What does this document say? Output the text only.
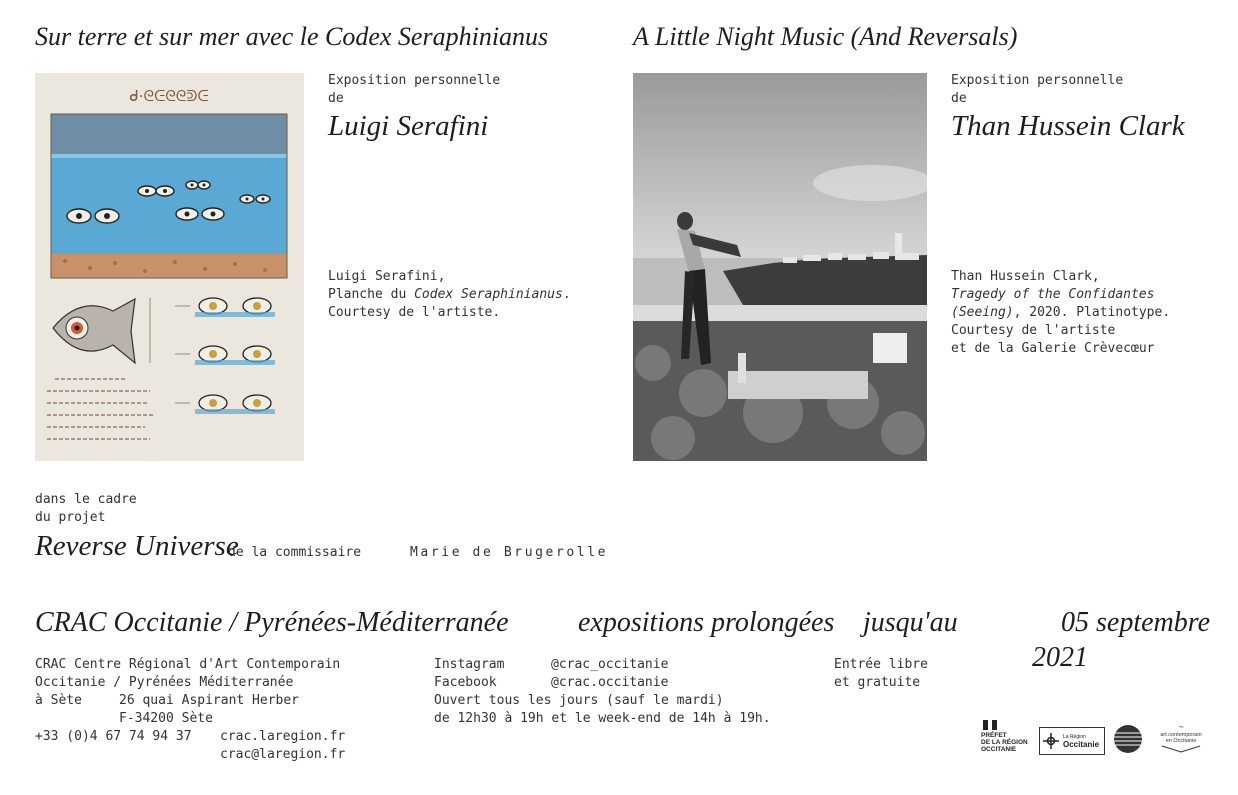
Sur terre et sur mer avec le Codex Seraphinianus
ᑯ·ᘓᕮᘓᘓᕲᕮ
Exposition personnelle
de
Luigi Serafini
Luigi Serafini,
Planche du Codex Seraphinianus.
Courtesy de l'artiste.
A Little Night Music (And Reversals)
Exposition personnelle
de
Than Hussein Clark
Than Hussein Clark,
Tragedy of the Confidantes
(Seeing), 2020. Platinotype.
Courtesy de l'artiste
et de la Galerie Crèvecœur
dans le cadre
du projet
Reverse Universe
de la commissaire	Marie de Brugerolle
CRAC Occitanie / Pyrénées-Méditerranée expositions prolongées jusqu'au	05 septembre
2021
CRAC Centre Régional d'Art Contemporain
Occitanie / Pyrénées Méditerranée
à Sète	26 quai Aspirant Herber
F-34200 Sète
+33 (0)4 67 74 94 37 crac.laregion.fr
crac@laregion.fr
Instagram	@crac_occitanie
Facebook	@crac.occitanie
Ouvert tous les jours (sauf le mardi)
de 12h30 à 19h et le week-end de 14h à 19h.
Entrée libre
et gratuite
PRÉFET
DE LA RÉGION
OCCITANIE
La Région
Occitanie
~
art contemporain
en Occitanie
